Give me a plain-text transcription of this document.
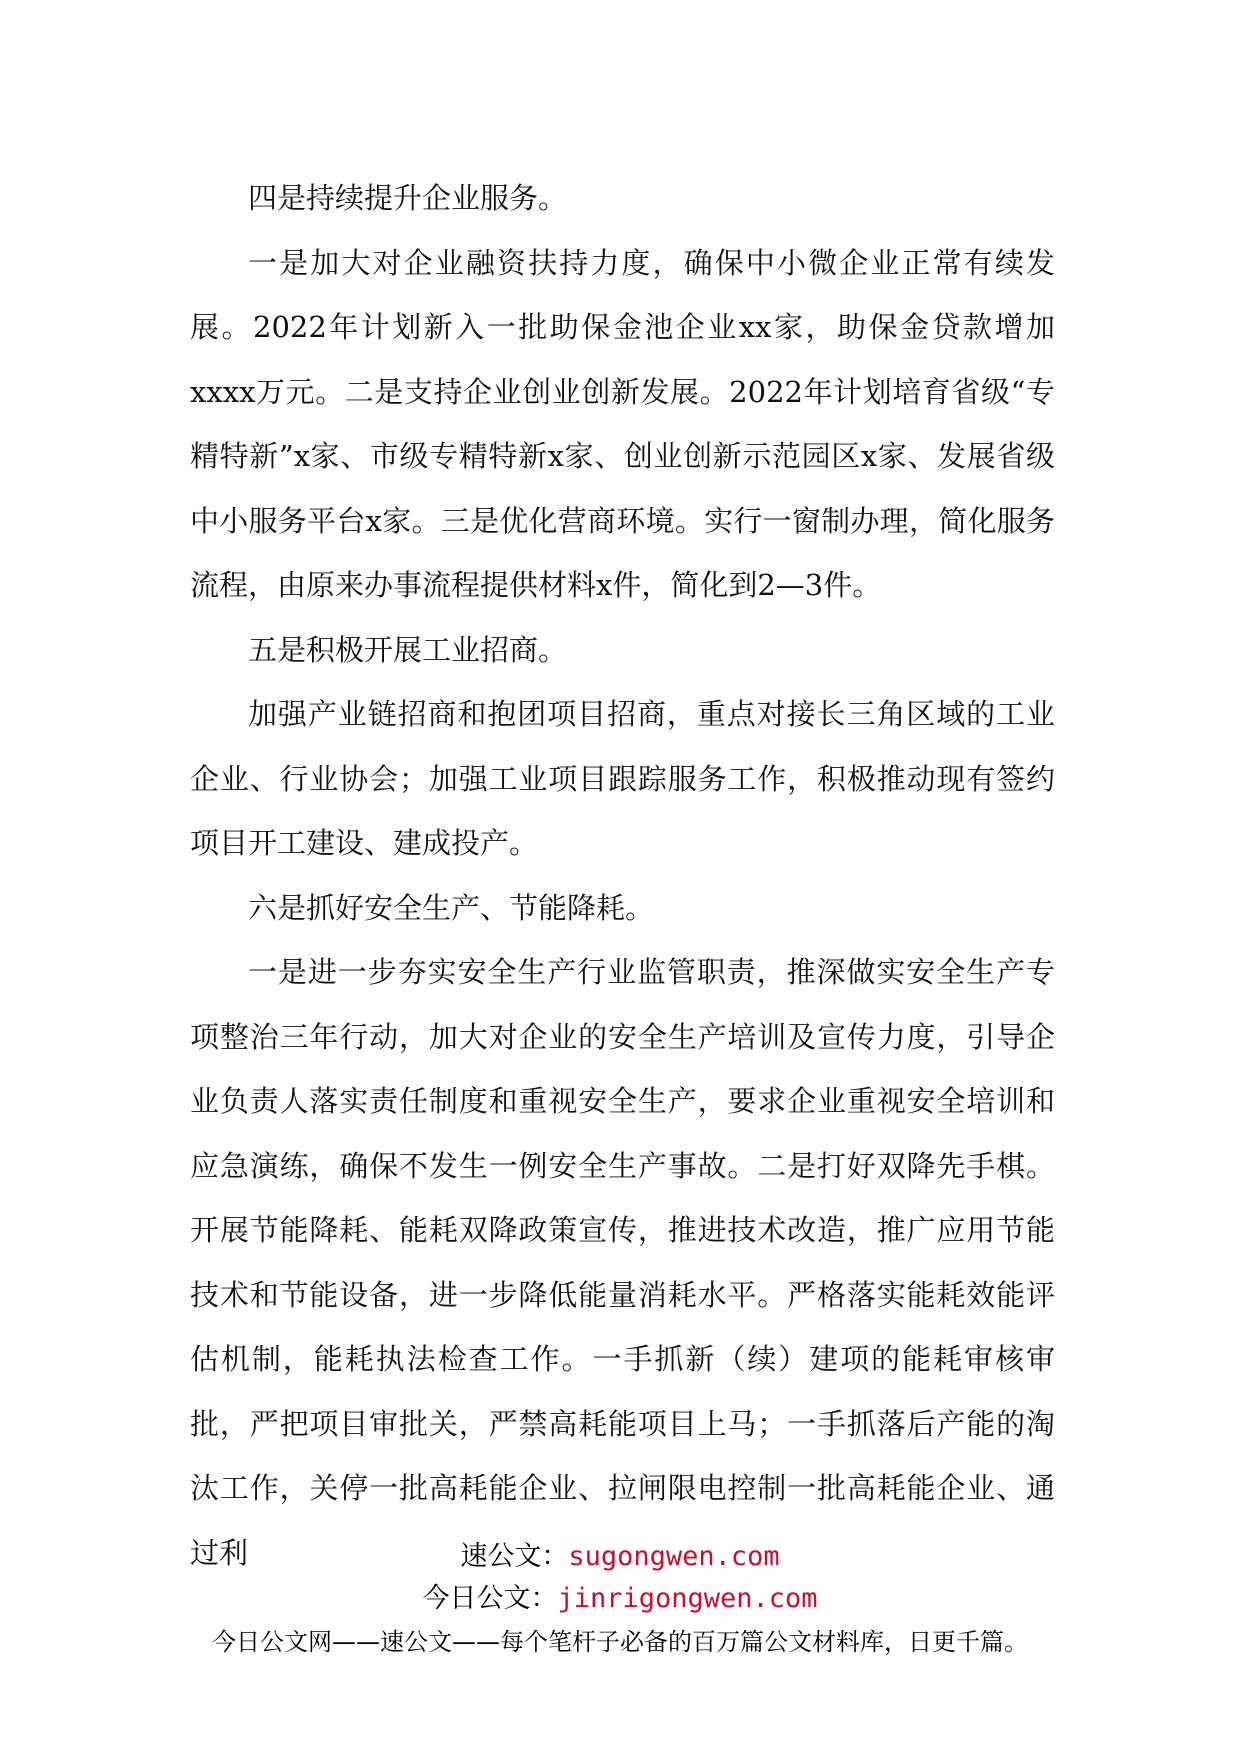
四是持续提升企业服务。

一是加大对企业融资扶持力度，确保中小微企业正常有续发展。2022年计划新入一批助保金池企业xx家，助保金贷款增加xxxx万元。二是支持企业创业创新发展。2022年计划培育省级“专精特新”x家、市级专精特新x家、创业创新示范园区x家、发展省级中小服务平台x家。三是优化营商环境。实行一窗制办理，简化服务流程，由原来办事流程提供材料x件，简化到2—3件。

五是积极开展工业招商。

加强产业链招商和抱团项目招商，重点对接长三角区域的工业企业、行业协会；加强工业项目跟踪服务工作，积极推动现有签约项目开工建设、建成投产。

六是抓好安全生产、节能降耗。

一是进一步夯实安全生产行业监管职责，推深做实安全生产专项整治三年行动，加大对企业的安全生产培训及宣传力度，引导企业负责人落实责任制度和重视安全生产，要求企业重视安全培训和应急演练，确保不发生一例安全生产事故。二是打好双降先手棋。开展节能降耗、能耗双降政策宣传，推进技术改造，推广应用节能技术和节能设备，进一步降低能量消耗水平。严格落实能耗效能评估机制，能耗执法检查工作。一手抓新（续）建项的能耗审核审批，严把项目审批关，严禁高耗能项目上马；一手抓落后产能的淘汰工作，关停一批高耗能企业、拉闸限电控制一批高耗能企业、通过利	速公文：sugongwen.com
今日公文：jinrigongwen.com
今日公文网——速公文——每个笔杆子必备的百万篇公文材料库，日更千篇。
